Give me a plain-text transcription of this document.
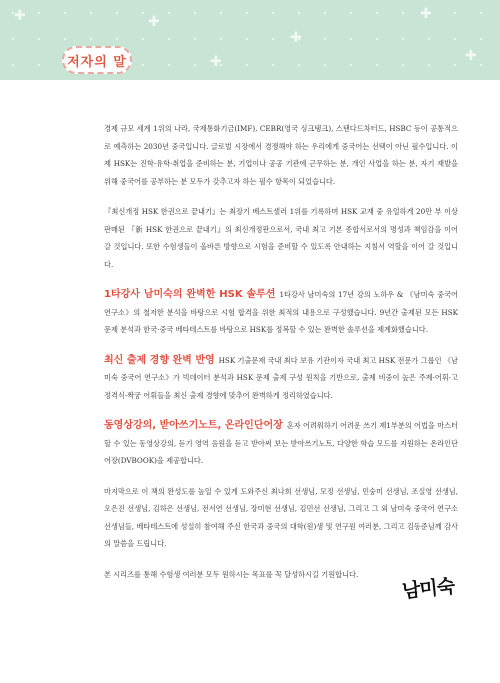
✚	✚
✚
✚
✚
✚
저자의 말

경제 규모 세계 1위의 나라, 국제통화기금(IMF), CEBR(영국 싱크탱크), 스탠다드차터드, HSBC 등이 공통적으로 예측하는 2030년 중국입니다. 글로벌 시장에서 경쟁해야 하는 우리에게 중국어는 선택이 아닌 필수입니다. 이제 HSK는 진학·유학·취업을 준비하는 분, 기업이나 공공 기관에 근무하는 분, 개인 사업을 하는 분, 자기 재발을 위해 중국어를 공부하는 분 모두가 갖추고자 하는 필수 항목이 되었습니다.

『최신개정 HSK 한권으로 끝내기』는 최장기 베스트셀러 1위를 기록하며 HSK 교재 중 유일하게 20만 부 이상 판매된 『新 HSK 한권으로 끝내기』의 최신개정판으로서, 국내 최고 기본 종합서로서의 명성과 책임감을 이어 갈 것입니다. 또한 수험생들이 올바른 방향으로 시험을 준비할 수 있도록 안내하는 지침서 역할을 이어 갈 것입니다.

1타강사 남미숙의 완벽한 HSK 솔루션 1타강사 남미숙의 17년 강의 노하우 & 《남미숙 중국어 연구소》의 철저한 분석을 바탕으로 시험 합격을 위한 최적의 내용으로 구성했습니다. 9년간 출제된 모든 HSK 문제 분석과 한국·중국 베타테스트를 바탕으로 HSK를 정복할 수 있는 완벽한 솔루션을 제계화했습니다.

최신 출제 경향 완벽 반영 HSK 기출문제 국내 최다 보유 기관이자 국내 최고 HSK 전문가 그룹인 《남미숙 중국어 연구소》가 빅데이터 분석과 HSK 문제 출제 구성 원칙을 기반으로, 출제 비중이 높은 주제·어휘·고정격식·짝궁 어휘들을 최신 출제 경향에 맞추어 완벽하게 정리하였습니다.

동영상강의, 받아쓰기노트, 온라인단어장 혼자 어려워하기 어려운 쓰기 제1부분의 어법을 마스터할 수 있는 동영상강의, 듣기 영역 음원을 듣고 받아써 보는 받아쓰기노트, 다양한 학습 모드를 지원하는 온라인단어장(DVBOOK)을 제공합니다.

마지막으로 이 책의 완성도를 높일 수 있게 도와주신 최나희 선생님, 모정 선생님, 민숭미 선생님, 조실영 선생님, 오은진 선생님, 김하은 선생님, 전서연 선생님, 장미현 선생님, 김민선 선생님, 그리고 그 외 남미숙 중국어 연구소 선생님들, 베타테스트에 성실히 참여해 주신 한국과 중국의 대학(원)생 및 연구원 여러분, 그리고 김동준님께 감사의 말씀을 드립니다.

본 시리즈를 통해 수험생 여러분 모두 원하시는 목표를 꼭 달성하시길 기원합니다.

남미숙
